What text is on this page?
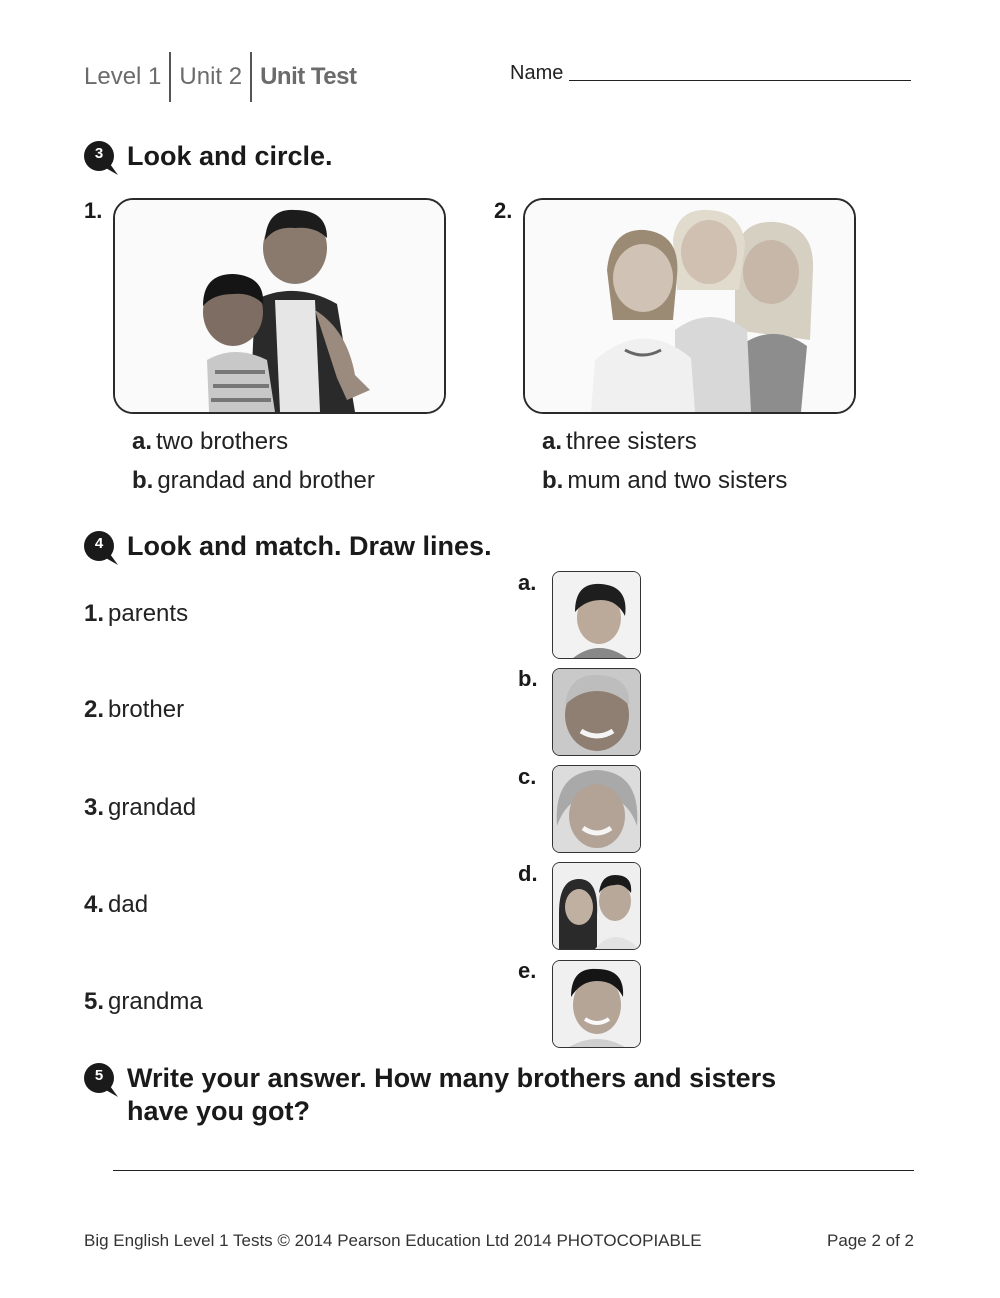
Level 1 Unit 2 Unit Test	Name
3 Look and circle.
1.	2.
a. two brothers
b. grandad and brother
a. three sisters
b. mum and two sisters
4 Look and match. Draw lines.
1. parents
2. brother
3. grandad
4. dad
5. grandma
a.
b.
c.
d.
e.
5 Write your answer. How many brothers and sisters
have you got?
Big English Level 1 Tests © 2014 Pearson Education Ltd 2014 PHOTOCOPIABLE	Page 2 of 2
